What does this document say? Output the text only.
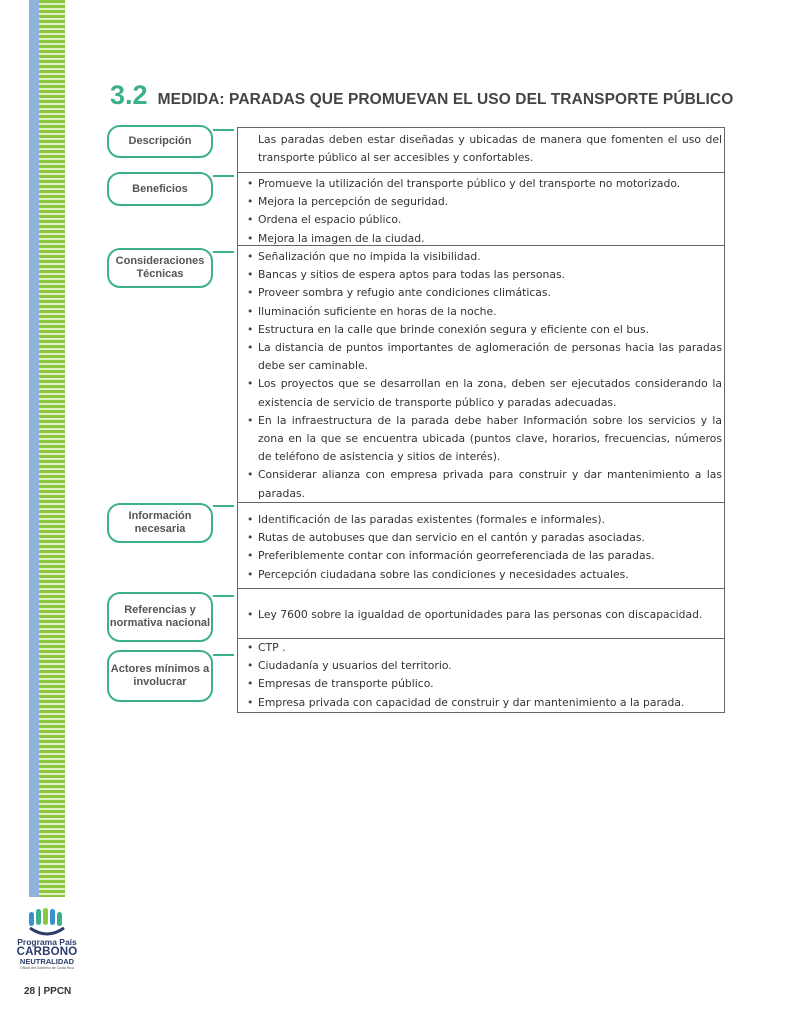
3.2 MEDIDA: PARADAS QUE PROMUEVAN EL USO DEL TRANSPORTE PÚBLICO
Descripción	Las paradas deben estar diseñadas y ubicadas de manera que fomenten el uso del transporte público al ser accesibles y confortables.

Beneficios
•	Promueve la utilización del transporte público y del transporte no motorizado.
• Mejora la percepción de seguridad.
• Ordena el espacio público.
• Mejora la imagen de la ciudad.
Consideraciones Técnicas
• Señalización que no impida la visibilidad.
• Bancas y sitios de espera aptos para todas las personas.
• Proveer sombra y refugio ante condiciones climáticas.
• Iluminación suficiente en horas de la noche.
• Estructura en la calle que brinde conexión segura y eficiente con el bus.
• La distancia de puntos importantes de aglomeración de personas hacia las paradas debe ser caminable.
• Los proyectos que se desarrollan en la zona, deben ser ejecutados considerando la existencia de servicio de transporte público y paradas adecuadas.
• En la infraestructura de la parada debe haber Información sobre los servicios y la zona en la que se encuentra ubicada (puntos clave, horarios, frecuencias, números de teléfono de asistencia y sitios de interés).
• Considerar alianza con empresa privada para construir y dar mantenimiento a las paradas.
Información necesaria
• Identificación de las paradas existentes (formales e informales).
• Rutas de autobuses que dan servicio en el cantón y paradas asociadas.
• Preferiblemente contar con información georreferenciada de las paradas.
• Percepción ciudadana sobre las condiciones y necesidades actuales.
Referencias y normativa nacional
• Ley 7600 sobre la igualdad de oportunidades para las personas con discapacidad.
Actores mínimos a involucrar
• CTP .
• Ciudadanía y usuarios del territorio.
• Empresas de transporte público.
• Empresa privada con capacidad de construir y dar mantenimiento a la parada.
Programa País
CARBONO
NEUTRALIDAD
Oficial del Gobierno de Costa Rica
28 | PPCN
